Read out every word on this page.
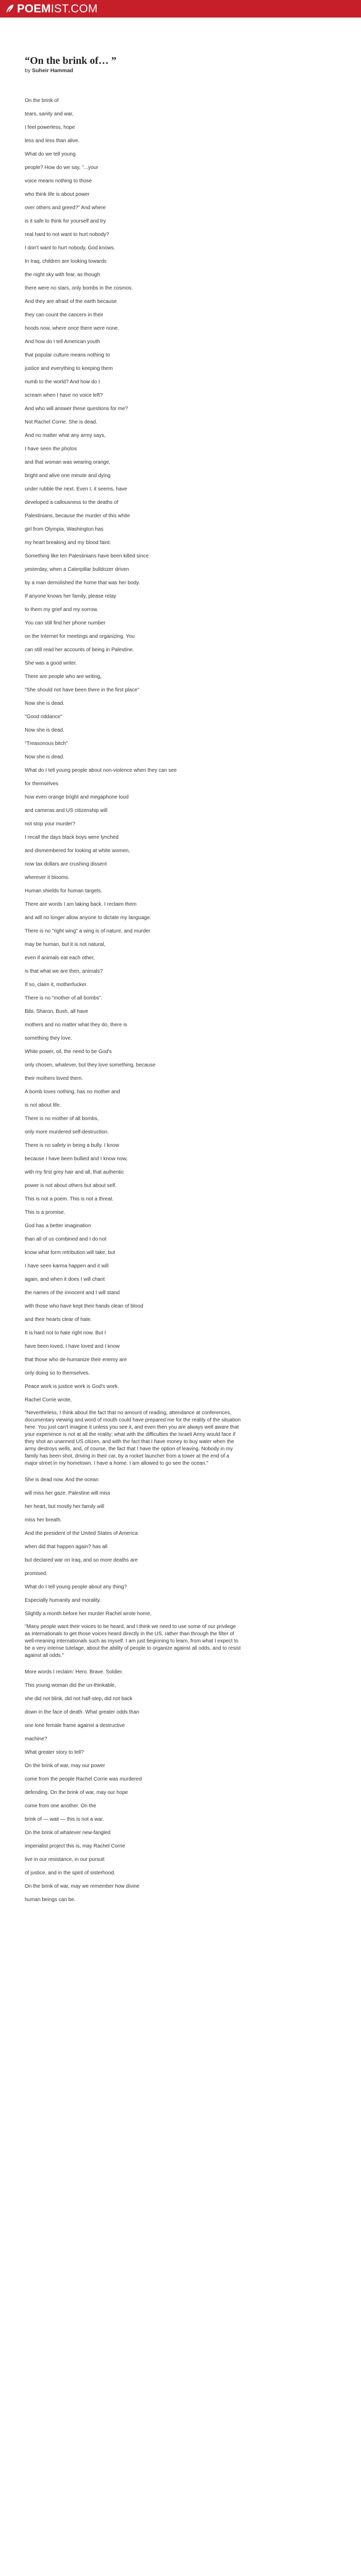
POEM IST.COM
“On the brink of… ”
by Suheir Hammad
On the brink of
tears, sanity and war,
I feel powerless, hope
less and less than alive.
What do we tell young
people? How do we say, "...your
voice means nothing to those
who think life is about power
over others and greed?" And where
is it safe to think for yourself and try
real hard to not want to hurt nobody?
I don't want to hurt nobody, God knows.
In Iraq, children are looking towards
the night sky with fear, as though
there were no stars, only bombs in the cosmos.
And they are afraid of the earth because
they can count the cancers in their
hoods now, where once there were none.
And how do I tell American youth
that popular culture means nothing to
justice and everything to keeping them
numb to the world? And how do I
scream when I have no voice left?
And who will answer these questions for me?
Not Rachel Corrie. She is dead.
And no matter what any army says,
I have seen the photos
and that woman was wearing orange,
bright and alive one minute and dying
under rubble the next. Even I, it seems, have
developed a callousness to the deaths of
Palestinians, because the murder of this white
girl from Olympia, Washington has
my heart breaking and my blood faint.
Something like ten Palestinians have been killed since
yesterday, when a Caterpillar bulldozer driven
by a man demolished the home that was her body.
If anyone knows her family, please relay
to them my grief and my sorrow.
You can still find her phone number
on the Internet for meetings and organizing. You
can still read her accounts of being in Palestine.
She was a good writer.
There are people who are writing,
"She should not have been there in the first place"
Now she is dead.
"Good riddance"
Now she is dead.
"Treasonous bitch"
Now she is dead.
What do I tell young people about non-violence when they can see
for themselves
how even orange bright and megaphone loud
and cameras and US citizenship will
not stop your murder?
I recall the days black boys were lynched
and dismembered for looking at white women,
now tax dollars are crushing dissent
wherever it blooms.
Human shields for human targets.
There are words I am taking back. I reclaim them
and will no longer allow anyone to dictate my language.
There is no "right wing" a wing is of nature, and murder
may be human, but it is not natural,
even if animals eat each other,
is that what we are then, animals?
If so, claim it, motherfucker.
There is no "mother of all bombs".
Bibi, Sharon, Bush, all have
mothers and no matter what they do, there is
something they love.
White power, oil, the need to be God's
only chosen, whatever, but they love something, because
their mothers loved them.
A bomb loves nothing, has no mother and
is not about life.
There is no mother of all bombs,
only more murdered self-destruction.
There is no safety in being a bully. I know
because I have been bullied and I know now,
with my first grey hair and all, that authentic
power is not about others but about self.
This is not a poem. This is not a threat.
This is a promise.
God has a better imagination
than all of us combined and I do not
know what form retribution will take, but
I have seen karma happen and it will
again, and when it does I will chant
the names of the innocent and I will stand
with those who have kept their hands clean of blood
and their hearts clear of hate.
It is hard not to hate right now. But I
have been loved, I have loved and I know
that those who de-humanize their enemy are
only doing so to themselves.
Peace work is justice work is God's work.
Rachel Corrie wrote,
"Nevertheless, I think about the fact that no amount of reading, attendance at conferences, documentary viewing and word of mouth could have prepared me for the reality of the situation here. You just can't imagine it unless you see it, and even then you are always well aware that your experience is not at all the reality: what with the difficulties the Israeli Army would face if they shot an unarmed US citizen, and with the fact that I have money to buy water when the army destroys wells, and, of course, the fact that I have the option of leaving. Nobody in my family has been shot, driving in their car, by a rocket launcher from a tower at the end of a major street in my hometown. I have a home. I am allowed to go see the ocean."
She is dead now. And the ocean
will miss her gaze. Palestine will miss
her heart, but mostly her family will
miss her breath.
And the president of the United States of America
when did that happen again? has all
but declared war on Iraq, and so more deaths are
promised.
What do I tell young people about any thing?
Especially humanity and morality.
Slightly a month before her murder Rachel wrote home,
"Many people want their voices to be heard, and I think we need to use some of our privilege as internationals to get those voices heard directly in the US, rather than through the filter of well-meaning internationals such as myself. I am just beginning to learn, from what I expect to be a very intense tutelage, about the ability of people to organize against all odds, and to resist against all odds."
More words I reclaim: Hero. Brave. Soldier.
This young woman did the un-thinkable,
she did not blink, did not half-step, did not back
down in the face of death. What greater odds than
one lone female frame against a destructive
machine?
What greater story to tell?
On the brink of war, may our power
come from the people Rachel Corrie was murdered
defending. On the brink of war, may our hope
come from one another. On the
brink of — wait — this is not a war.
On the brink of whatever new-fangled
imperialist project this is, may Rachel Corrie
live in our resistance, in our pursuit
of justice, and in the spirit of sisterhood.
On the brink of war, may we remember how divine
human beings can be.
